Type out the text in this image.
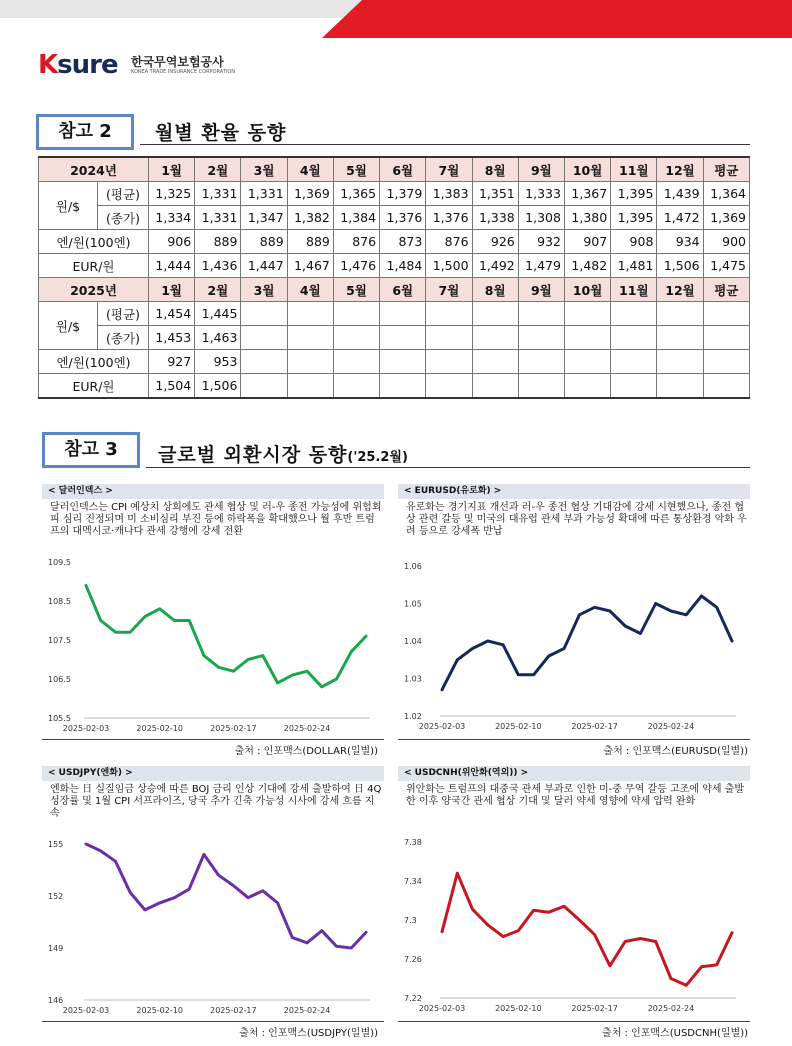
Ksure 한국무역보험공사
KOREA TRADE INSURANCE CORPORATION
참고 2	월별 환율 동향
2024년		1월	2월	3월	4월	5월	6월	7월	8월	9월	10월	11월	12월	평균
원/$	(평균)	1,325	1,331	1,331	1,369	1,365	1,379	1,383	1,351	1,333	1,367	1,395	1,439	1,364
	(종가)	1,334	1,331	1,347	1,382	1,384	1,376	1,376	1,338	1,308	1,380	1,395	1,472	1,369
엔/원(100엔)		906	889	889	889	876	873	876	926	932	907	908	934	900
EUR/원		1,444	1,436	1,447	1,467	1,476	1,484	1,500	1,492	1,479	1,482	1,481	1,506	1,475
2025년		1월	2월	3월	4월	5월	6월	7월	8월	9월	10월	11월	12월	평균
원/$	(평균)	1,454	1,445											
	(종가)	1,453	1,463											
엔/원(100엔)		927	953											
EUR/원		1,504	1,506											
참고 3	글로벌 외환시장 동향('25.2월)
< 달러인덱스 >
달러인덱스는 CPI 예상치 상회에도 관세 협상 및 러-우 종전 가능성에 위험회피 심리 진정되며 미 소비심리 부진 등에 하락폭을 확대했으나 월 후반 트럼프의 대멕시코·캐나다 관세 강행에 강세 전환
109.5
108.5
107.5
106.5
105.5
2025-02-03	2025-02-10	2025-02-17	2025-02-24
출처 : 인포맥스(DOLLAR(일별))
< EURUSD(유로화) >
유로화는 경기지표 개선과 러-우 종전 협상 기대감에 강세 시현했으나, 종전 협상 관련 갈등 및 미국의 대유럽 관세 부과 가능성 확대에 따른 통상환경 악화 우려 등으로 강세폭 반납
1.06
1.05
1.04
1.03
1.02
2025-02-03	2025-02-10	2025-02-17	2025-02-24
출처 : 인포맥스(EURUSD(일별))
< USDJPY(엔화) >
엔화는 日 실질임금 상승에 따른 BOJ 금리 인상 기대에 강세 출발하여 日 4Q 성장률 및 1월 CPI 서프라이즈, 당국 추가 긴축 가능성 시사에 강세 흐름 지속
155
152
149
146
2025-02-03	2025-02-10	2025-02-17	2025-02-24
출처 : 인포맥스(USDJPY(일별))
< USDCNH(위안화(역외)) >
위안화는 트럼프의 대중국 관세 부과로 인한 미-중 무역 갈등 고조에 약세 출발한 이후 양국간 관세 협상 기대 및 달러 약세 영향에 약세 압력 완화
7.38
7.34
7.3
7.26
7.22
2025-02-03	2025-02-10	2025-02-17	2025-02-24
출처 : 인포맥스(USDCNH(일별))
